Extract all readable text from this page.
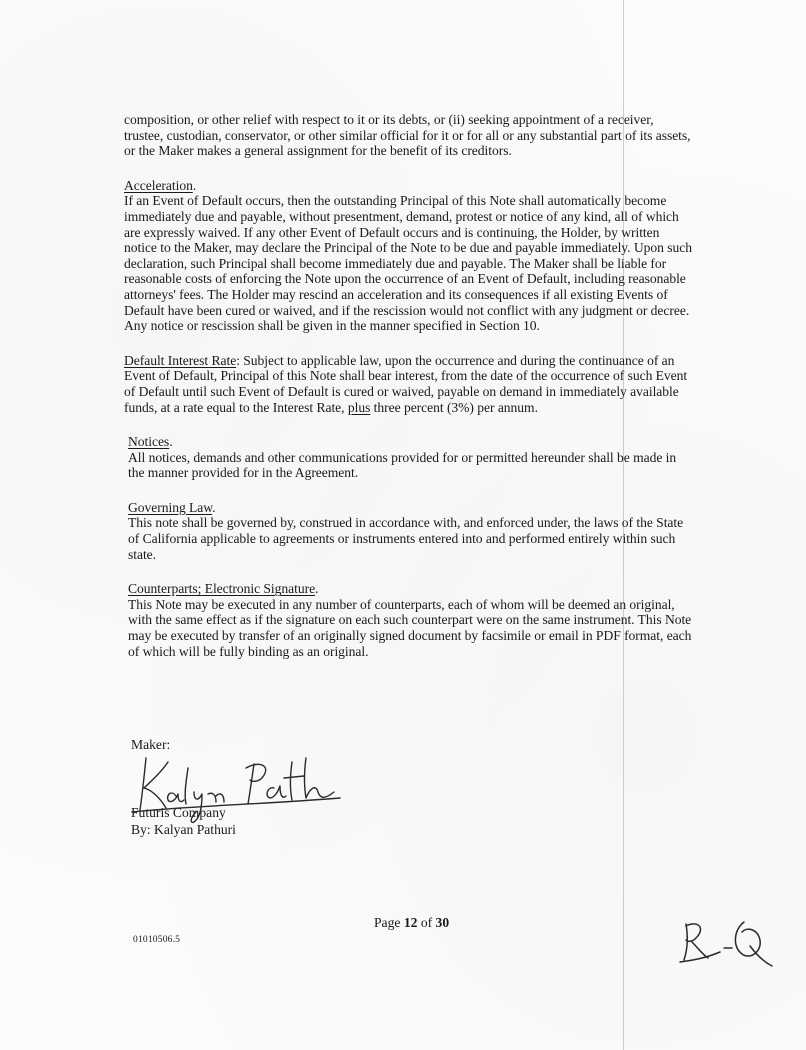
composition, or other relief with respect to it or its debts, or (ii) seeking appointment of a receiver, trustee, custodian, conservator, or other similar official for it or for all or any substantial part of its assets, or the Maker makes a general assignment for the benefit of its creditors.

Acceleration.
If an Event of Default occurs, then the outstanding Principal of this Note shall automatically become immediately due and payable, without presentment, demand, protest or notice of any kind, all of which are expressly waived. If any other Event of Default occurs and is continuing, the Holder, by written notice to the Maker, may declare the Principal of the Note to be due and payable immediately. Upon such declaration, such Principal shall become immediately due and payable. The Maker shall be liable for reasonable costs of enforcing the Note upon the occurrence of an Event of Default, including reasonable attorneys' fees. The Holder may rescind an acceleration and its consequences if all existing Events of Default have been cured or waived, and if the rescission would not conflict with any judgment or decree. Any notice or rescission shall be given in the manner specified in Section 10.

Default Interest Rate: Subject to applicable law, upon the occurrence and during the continuance of an Event of Default, Principal of this Note shall bear interest, from the date of the occurrence of such Event of Default until such Event of Default is cured or waived, payable on demand in immediately available funds, at a rate equal to the Interest Rate, plus three percent (3%) per annum.

Notices.
All notices, demands and other communications provided for or permitted hereunder shall be made in the manner provided for in the Agreement.
Governing Law.
This note shall be governed by, construed in accordance with, and enforced under, the laws of the State of California applicable to agreements or instruments entered into and performed entirely within such state.
Counterparts; Electronic Signature.
This Note may be executed in any number of counterparts, each of whom will be deemed an original, with the same effect as if the signature on each such counterpart were on the same instrument. This Note may be executed by transfer of an originally signed document by facsimile or email in PDF format, each of which will be fully binding as an original.
Maker:
Futuris Company
By: Kalyan Pathuri
Page 12 of 30
01010506.5
